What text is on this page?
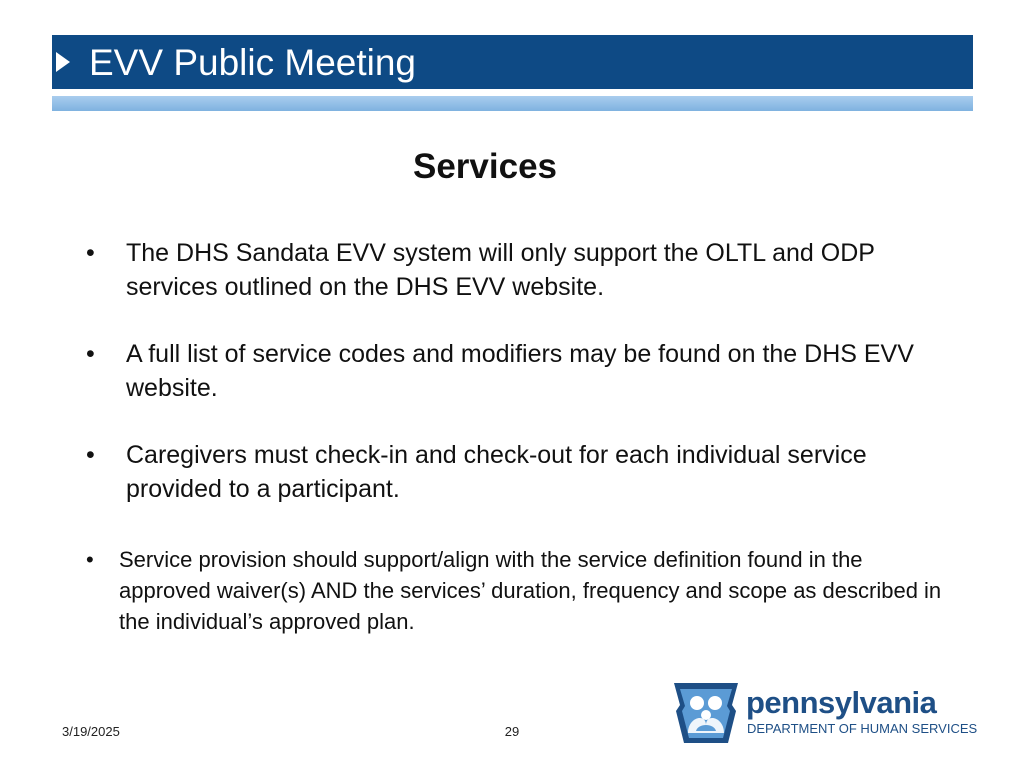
EVV Public Meeting
Services
• The DHS Sandata EVV system will only support the OLTL and ODP services outlined on the DHS EVV website.
• A full list of service codes and modifiers may be found on the DHS EVV website.
• Caregivers must check-in and check-out for each individual service provided to a participant.
• Service provision should support/align with the service definition found in the approved waiver(s) AND the services’ duration, frequency and scope as described in the individual’s approved plan.
3/19/2025	29
pennsylvania
DEPARTMENT OF HUMAN SERVICES
